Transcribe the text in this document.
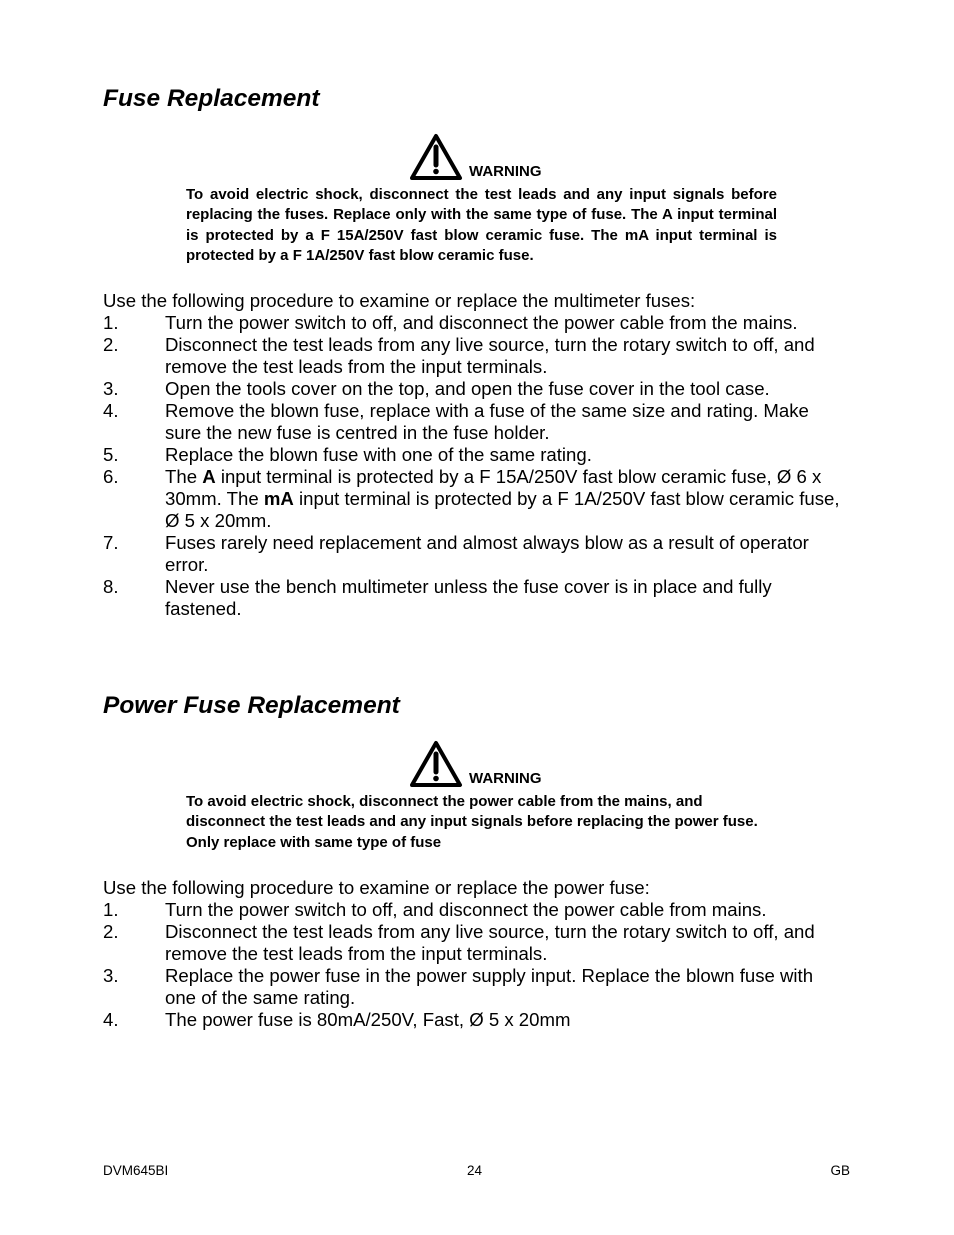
Fuse Replacement
WARNING

To avoid electric shock, disconnect the test leads and any input signals before replacing the fuses. Replace only with the same type of fuse. The A input terminal is protected by a F 15A/250V fast blow ceramic fuse. The mA input terminal is protected by a F 1A/250V fast blow ceramic fuse.

Use the following procedure to examine or replace the multimeter fuses:

1.	Turn the power switch to off, and disconnect the power cable from the mains.
2.	Disconnect the test leads from any live source, turn the rotary switch to off, and remove the test leads from the input terminals.
3.	Open the tools cover on the top, and open the fuse cover in the tool case.
4.	Remove the blown fuse, replace with a fuse of the same size and rating. Make sure the new fuse is centred in the fuse holder.
5.	Replace the blown fuse with one of the same rating.
6.	The A input terminal is protected by a F 15A/250V fast blow ceramic fuse, Ø 6 x 30mm. The mA input terminal is protected by a F 1A/250V fast blow ceramic fuse, Ø 5 x 20mm.
7.	Fuses rarely need replacement and almost always blow as a result of operator error.
8.	Never use the bench multimeter unless the fuse cover is in place and fully fastened.
Power Fuse Replacement
WARNING

To avoid electric shock, disconnect the power cable from the mains, and disconnect the test leads and any input signals before replacing the power fuse. Only replace with same type of fuse

Use the following procedure to examine or replace the power fuse:

1.	Turn the power switch to off, and disconnect the power cable from mains.
2.	Disconnect the test leads from any live source, turn the rotary switch to off, and remove the test leads from the input terminals.
3.	Replace the power fuse in the power supply input. Replace the blown fuse with one of the same rating.
4.	The power fuse is 80mA/250V, Fast, Ø 5 x 20mm
DVM645BI	24	GB
